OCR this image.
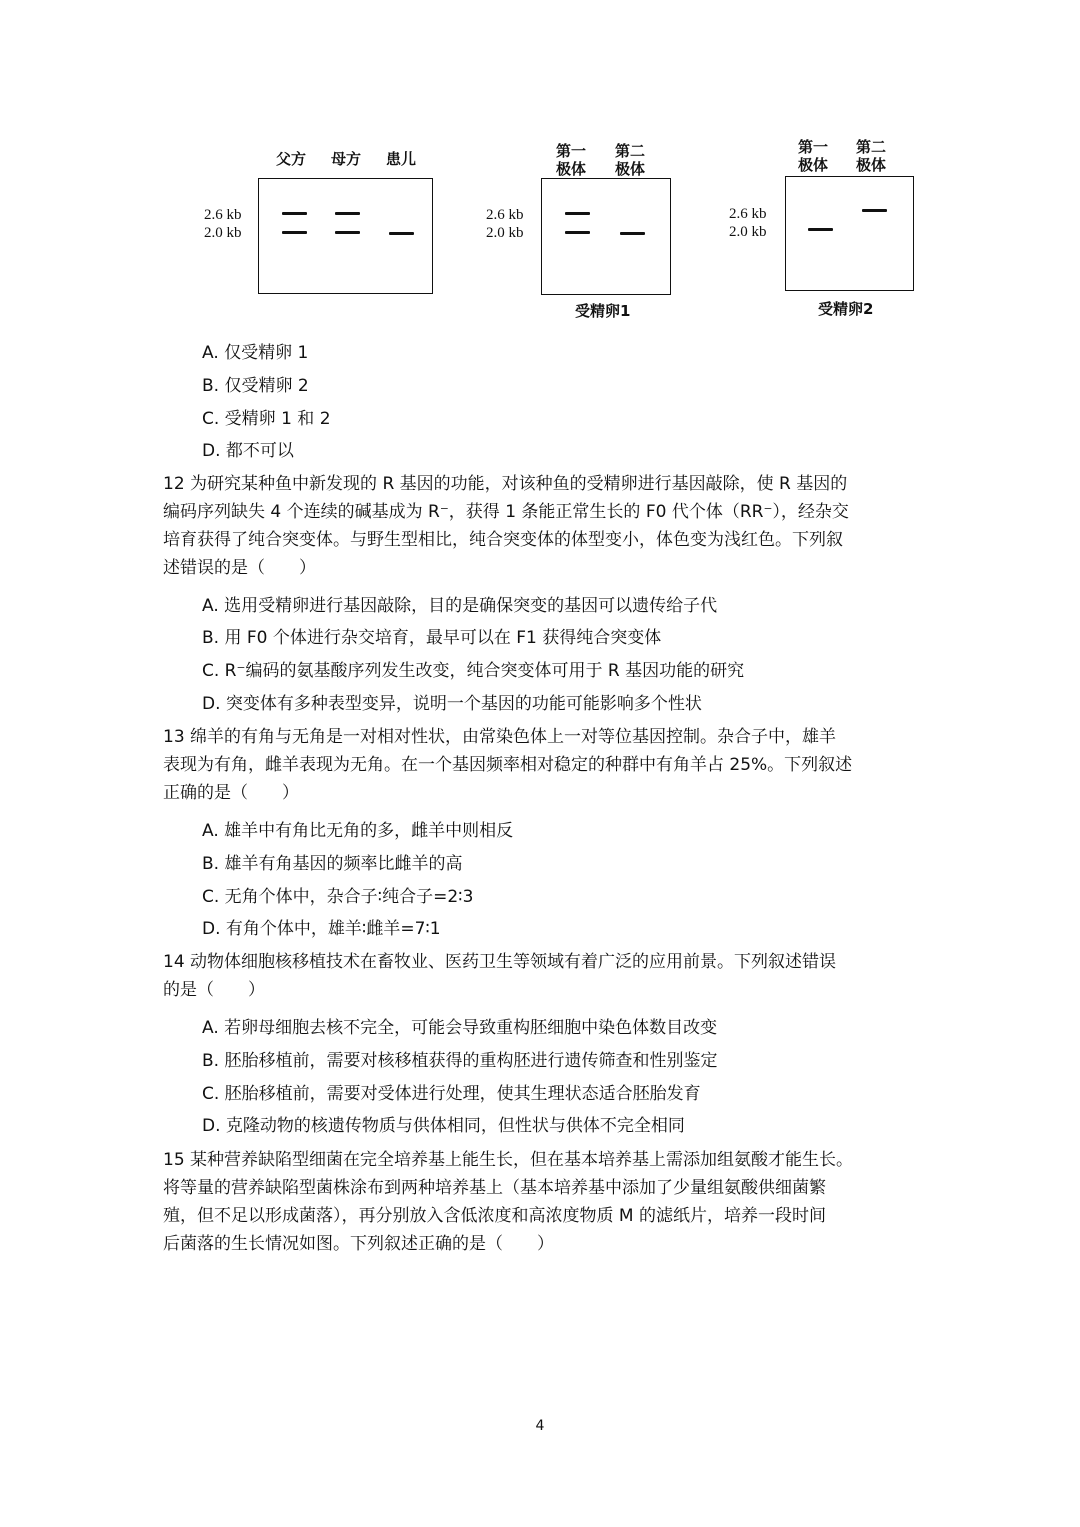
父方 母方 患儿
2.6 kb
2.0 kb
第一
极体
第二
极体
2.6 kb
2.0 kb
受精卵1
第一
极体
第二
极体
2.6 kb
2.0 kb
受精卵2
A. 仅受精卵 1
B. 仅受精卵 2
C. 受精卵 1 和 2
D. 都不可以
12 为研究某种鱼中新发现的 R 基因的功能，对该种鱼的受精卵进行基因敲除，使 R 基因的
编码序列缺失 4 个连续的碱基成为 R⁻，获得 1 条能正常生长的 F0 代个体（RR⁻），经杂交
培育获得了纯合突变体。与野生型相比，纯合突变体的体型变小，体色变为浅红色。下列叙
述错误的是（　　）
A. 选用受精卵进行基因敲除，目的是确保突变的基因可以遗传给子代
B. 用 F0 个体进行杂交培育，最早可以在 F1 获得纯合突变体
C. R⁻编码的氨基酸序列发生改变，纯合突变体可用于 R 基因功能的研究
D. 突变体有多种表型变异，说明一个基因的功能可能影响多个性状
13 绵羊的有角与无角是一对相对性状，由常染色体上一对等位基因控制。杂合子中，雄羊
表现为有角，雌羊表现为无角。在一个基因频率相对稳定的种群中有角羊占 25%。下列叙述
正确的是（　　）
A. 雄羊中有角比无角的多，雌羊中则相反
B. 雄羊有角基因的频率比雌羊的高
C. 无角个体中，杂合子∶纯合子=2∶3
D. 有角个体中，雄羊∶雌羊=7∶1
14 动物体细胞核移植技术在畜牧业、医药卫生等领域有着广泛的应用前景。下列叙述错误
的是（　　）
A. 若卵母细胞去核不完全，可能会导致重构胚细胞中染色体数目改变
B. 胚胎移植前，需要对核移植获得的重构胚进行遗传筛查和性别鉴定
C. 胚胎移植前，需要对受体进行处理，使其生理状态适合胚胎发育
D. 克隆动物的核遗传物质与供体相同，但性状与供体不完全相同
15 某种营养缺陷型细菌在完全培养基上能生长，但在基本培养基上需添加组氨酸才能生长。
将等量的营养缺陷型菌株涂布到两种培养基上（基本培养基中添加了少量组氨酸供细菌繁
殖，但不足以形成菌落），再分别放入含低浓度和高浓度物质 M 的滤纸片，培养一段时间
后菌落的生长情况如图。下列叙述正确的是（　　）
4
